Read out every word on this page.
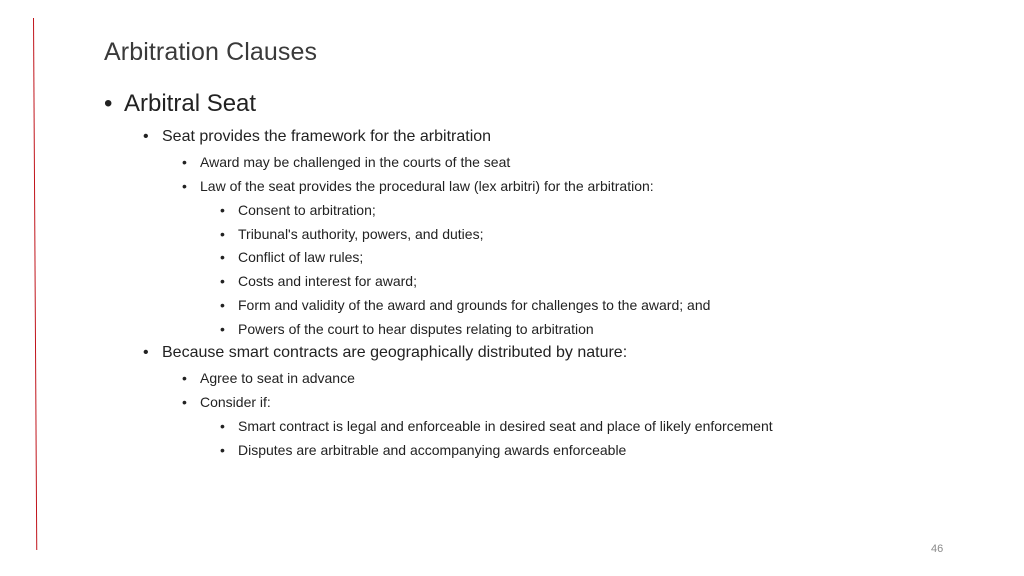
Arbitration Clauses
• Arbitral Seat
• Seat provides the framework for the arbitration
• Award may be challenged in the courts of the seat
• Law of the seat provides the procedural law (lex arbitri) for the arbitration:
• Consent to arbitration;
• Tribunal's authority, powers, and duties;
• Conflict of law rules;
• Costs and interest for award;
• Form and validity of the award and grounds for challenges to the award; and
• Powers of the court to hear disputes relating to arbitration
• Because smart contracts are geographically distributed by nature:
• Agree to seat in advance
• Consider if:
• Smart contract is legal and enforceable in desired seat and place of likely enforcement
• Disputes are arbitrable and accompanying awards enforceable
46
